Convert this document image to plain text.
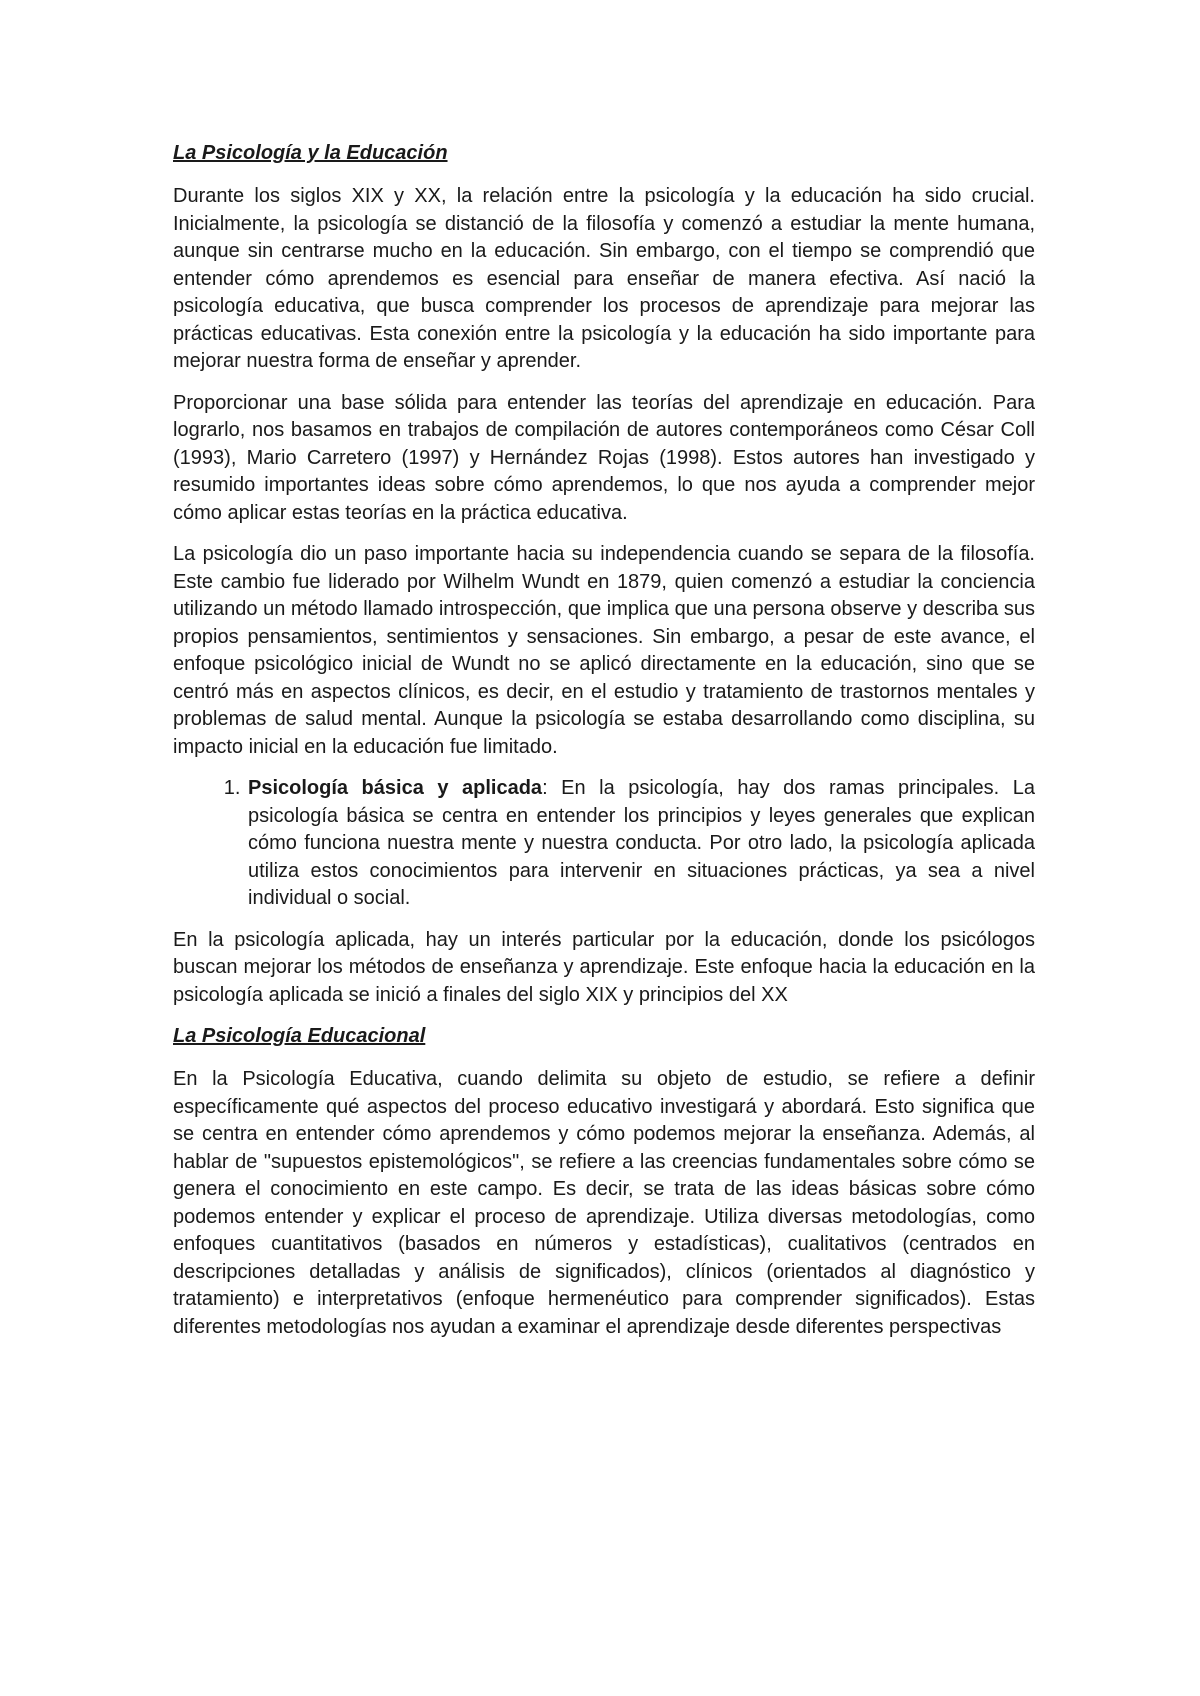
La Psicología y la Educación

Durante los siglos XIX y XX, la relación entre la psicología y la educación ha sido crucial. Inicialmente, la psicología se distanció de la filosofía y comenzó a estudiar la mente humana, aunque sin centrarse mucho en la educación. Sin embargo, con el tiempo se comprendió que entender cómo aprendemos es esencial para enseñar de manera efectiva. Así nació la psicología educativa, que busca comprender los procesos de aprendizaje para mejorar las prácticas educativas. Esta conexión entre la psicología y la educación ha sido importante para mejorar nuestra forma de enseñar y aprender.

Proporcionar una base sólida para entender las teorías del aprendizaje en educación. Para lograrlo, nos basamos en trabajos de compilación de autores contemporáneos como César Coll (1993), Mario Carretero (1997) y Hernández Rojas (1998). Estos autores han investigado y resumido importantes ideas sobre cómo aprendemos, lo que nos ayuda a comprender mejor cómo aplicar estas teorías en la práctica educativa.

La psicología dio un paso importante hacia su independencia cuando se separa de la filosofía. Este cambio fue liderado por Wilhelm Wundt en 1879, quien comenzó a estudiar la conciencia utilizando un método llamado introspección, que implica que una persona observe y describa sus propios pensamientos, sentimientos y sensaciones. Sin embargo, a pesar de este avance, el enfoque psicológico inicial de Wundt no se aplicó directamente en la educación, sino que se centró más en aspectos clínicos, es decir, en el estudio y tratamiento de trastornos mentales y problemas de salud mental. Aunque la psicología se estaba desarrollando como disciplina, su impacto inicial en la educación fue limitado.

1. Psicología básica y aplicada: En la psicología, hay dos ramas principales. La psicología básica se centra en entender los principios y leyes generales que explican cómo funciona nuestra mente y nuestra conducta. Por otro lado, la psicología aplicada utiliza estos conocimientos para intervenir en situaciones prácticas, ya sea a nivel individual o social.

En la psicología aplicada, hay un interés particular por la educación, donde los psicólogos buscan mejorar los métodos de enseñanza y aprendizaje. Este enfoque hacia la educación en la psicología aplicada se inició a finales del siglo XIX y principios del XX

La Psicología Educacional

En la Psicología Educativa, cuando delimita su objeto de estudio, se refiere a definir específicamente qué aspectos del proceso educativo investigará y abordará. Esto significa que se centra en entender cómo aprendemos y cómo podemos mejorar la enseñanza. Además, al hablar de "supuestos epistemológicos", se refiere a las creencias fundamentales sobre cómo se genera el conocimiento en este campo. Es decir, se trata de las ideas básicas sobre cómo podemos entender y explicar el proceso de aprendizaje. Utiliza diversas metodologías, como enfoques cuantitativos (basados en números y estadísticas), cualitativos (centrados en descripciones detalladas y análisis de significados), clínicos (orientados al diagnóstico y tratamiento) e interpretativos (enfoque hermenéutico para comprender significados). Estas diferentes metodologías nos ayudan a examinar el aprendizaje desde diferentes perspectivas
